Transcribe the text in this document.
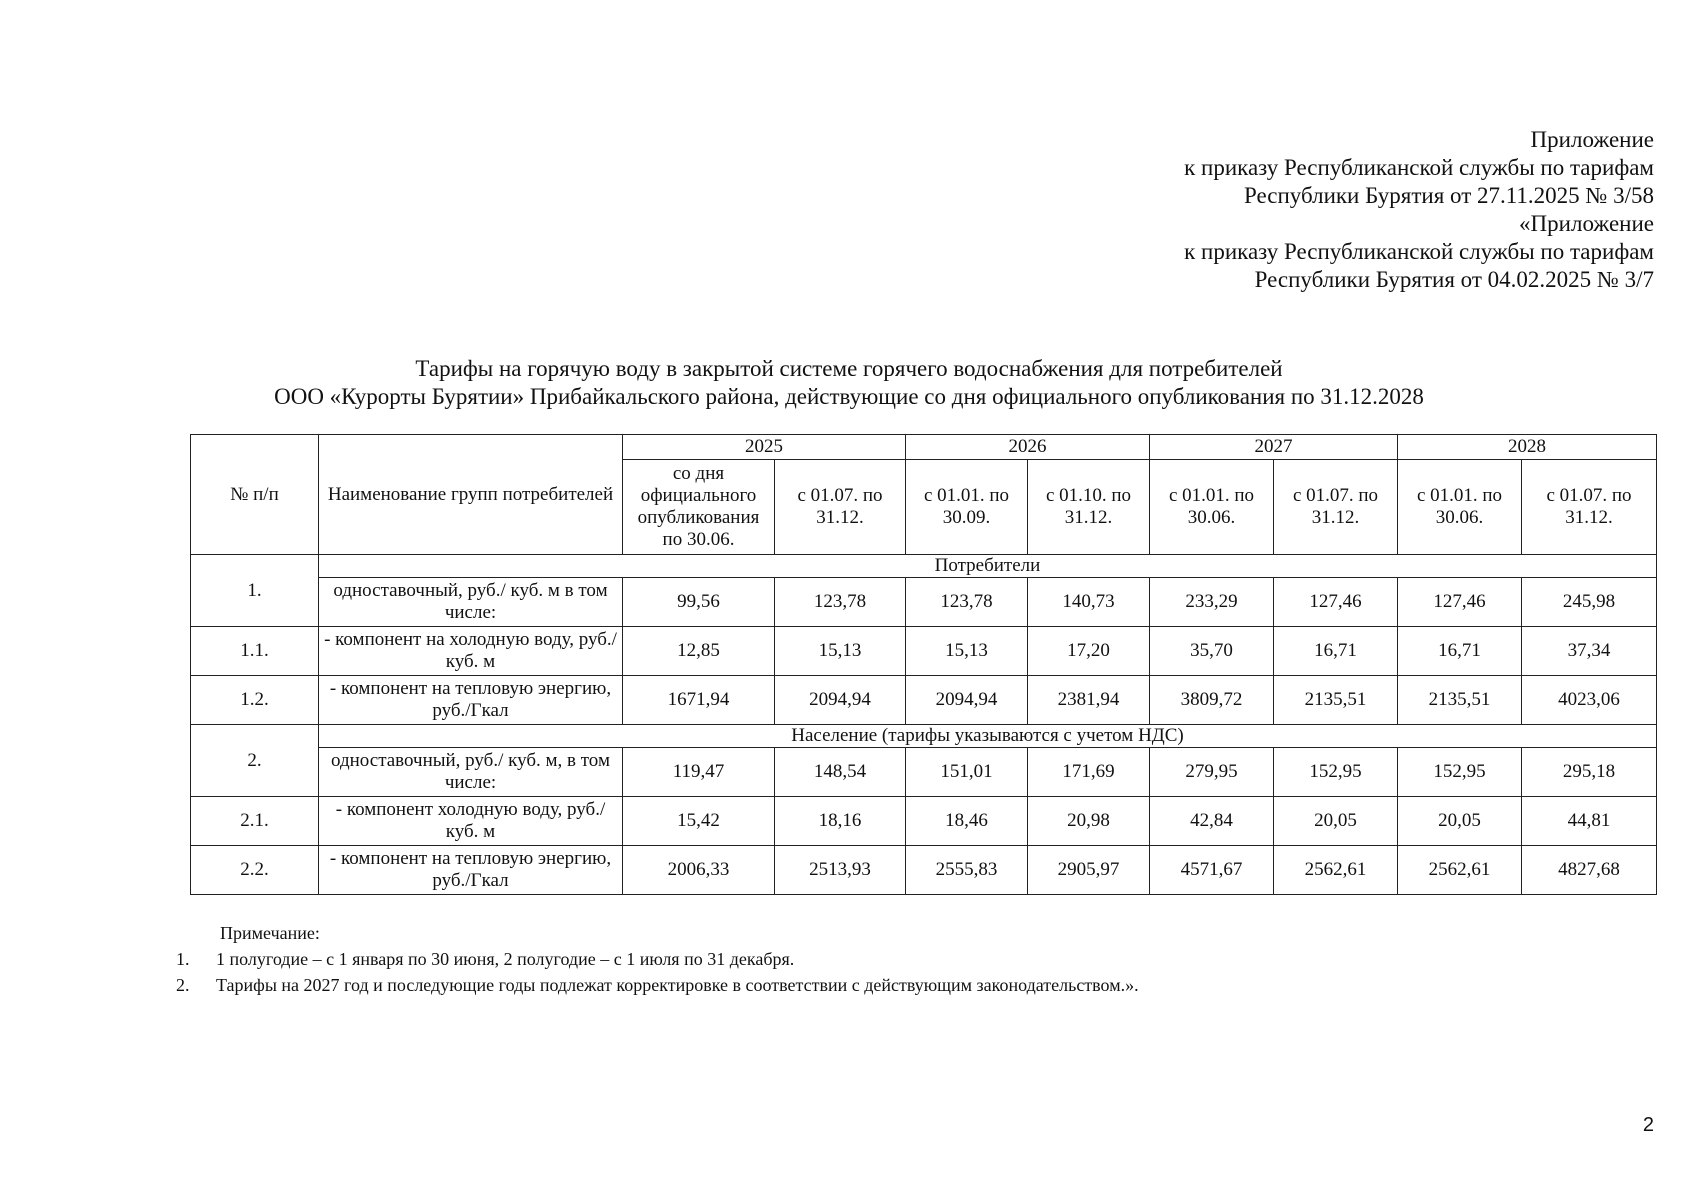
Приложение
к приказу Республиканской службы по тарифам
Республики Бурятия от 27.11.2025 № 3/58
«Приложение
к приказу Республиканской службы по тарифам
Республики Бурятия от 04.02.2025 № 3/7
Тарифы на горячую воду в закрытой системе горячего водоснабжения для потребителей
ООО «Курорты Бурятии» Прибайкальского района, действующие со дня официального опубликования по 31.12.2028
№ п/п	Наименование групп потребителей	2025		2026		2027		2028	
		со дня официального опубликования по 30.06.	с 01.07. по 31.12.	с 01.01. по 30.09.	с 01.10. по 31.12.	с 01.01. по 30.06.	с 01.07. по 31.12.	с 01.01. по 30.06.	с 01.07. по 31.12.
1.	Потребители								
	одноставочный, руб./ куб. м в том числе:	99,56	123,78	123,78	140,73	233,29	127,46	127,46	245,98
1.1.	- компонент на холодную воду, руб./ куб. м	12,85	15,13	15,13	17,20	35,70	16,71	16,71	37,34
1.2.	- компонент на тепловую энергию, руб./Гкал	1671,94	2094,94	2094,94	2381,94	3809,72	2135,51	2135,51	4023,06
2.	Население (тарифы указываются с учетом НДС)								
	одноставочный, руб./ куб. м, в том числе:	119,47	148,54	151,01	171,69	279,95	152,95	152,95	295,18
2.1.	- компонент холодную воду, руб./ куб. м	15,42	18,16	18,46	20,98	42,84	20,05	20,05	44,81
2.2.	- компонент на тепловую энергию, руб./Гкал	2006,33	2513,93	2555,83	2905,97	4571,67	2562,61	2562,61	4827,68
Примечание:
1.	1 полугодие – с 1 января по 30 июня, 2 полугодие – с 1 июля по 31 декабря.
2.	Тарифы на 2027 год и последующие годы подлежат корректировке в соответствии с действующим законодательством.».
2
